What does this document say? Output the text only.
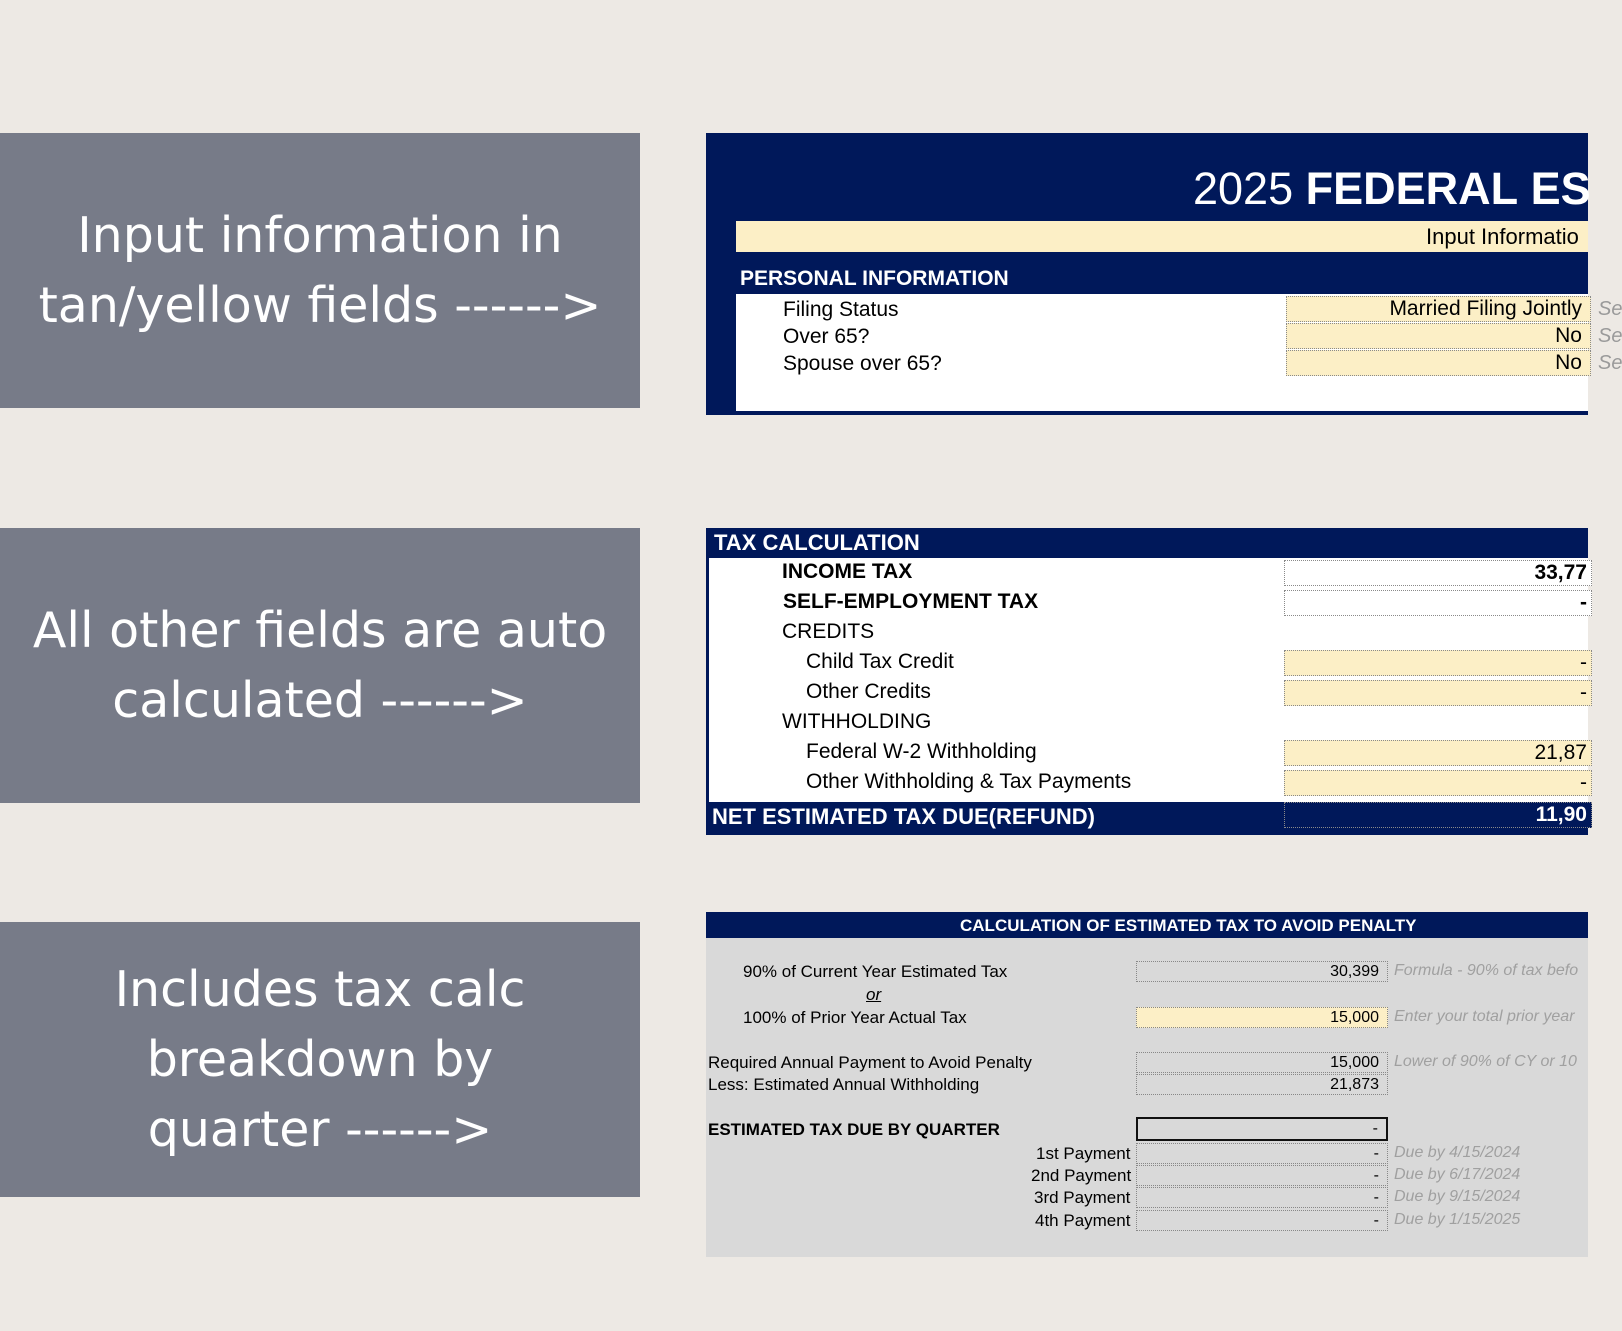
Input information in
tan/yellow fields ------>
All other fields are auto
calculated ------>
Includes tax calc
breakdown by
quarter ------>
2025 FEDERAL ES
Input Informatio
PERSONAL INFORMATION
Filing Status	Married Filing Jointly Se
Over 65?	No Se
Spouse over 65?	No Se
TAX CALCULATION
INCOME TAX	33,77
SELF-EMPLOYMENT TAX	-
CREDITS
Child Tax Credit	-
Other Credits	-
WITHHOLDING
Federal W-2 Withholding	21,87
Other Withholding & Tax Payments	-
NET ESTIMATED TAX DUE(REFUND)	11,90
CALCULATION OF ESTIMATED TAX TO AVOID PENALTY
90% of Current Year Estimated Tax	30,399 Formula - 90% of tax befo
or
100% of Prior Year Actual Tax	15,000 Enter your total prior year
Required Annual Payment to Avoid Penalty	15,000 Lower of 90% of CY or 10
Less: Estimated Annual Withholding	21,873
ESTIMATED TAX DUE BY QUARTER	-
1st Payment	- Due by 4/15/2024
2nd Payment	- Due by 6/17/2024
3rd Payment	- Due by 9/15/2024
4th Payment	- Due by 1/15/2025
